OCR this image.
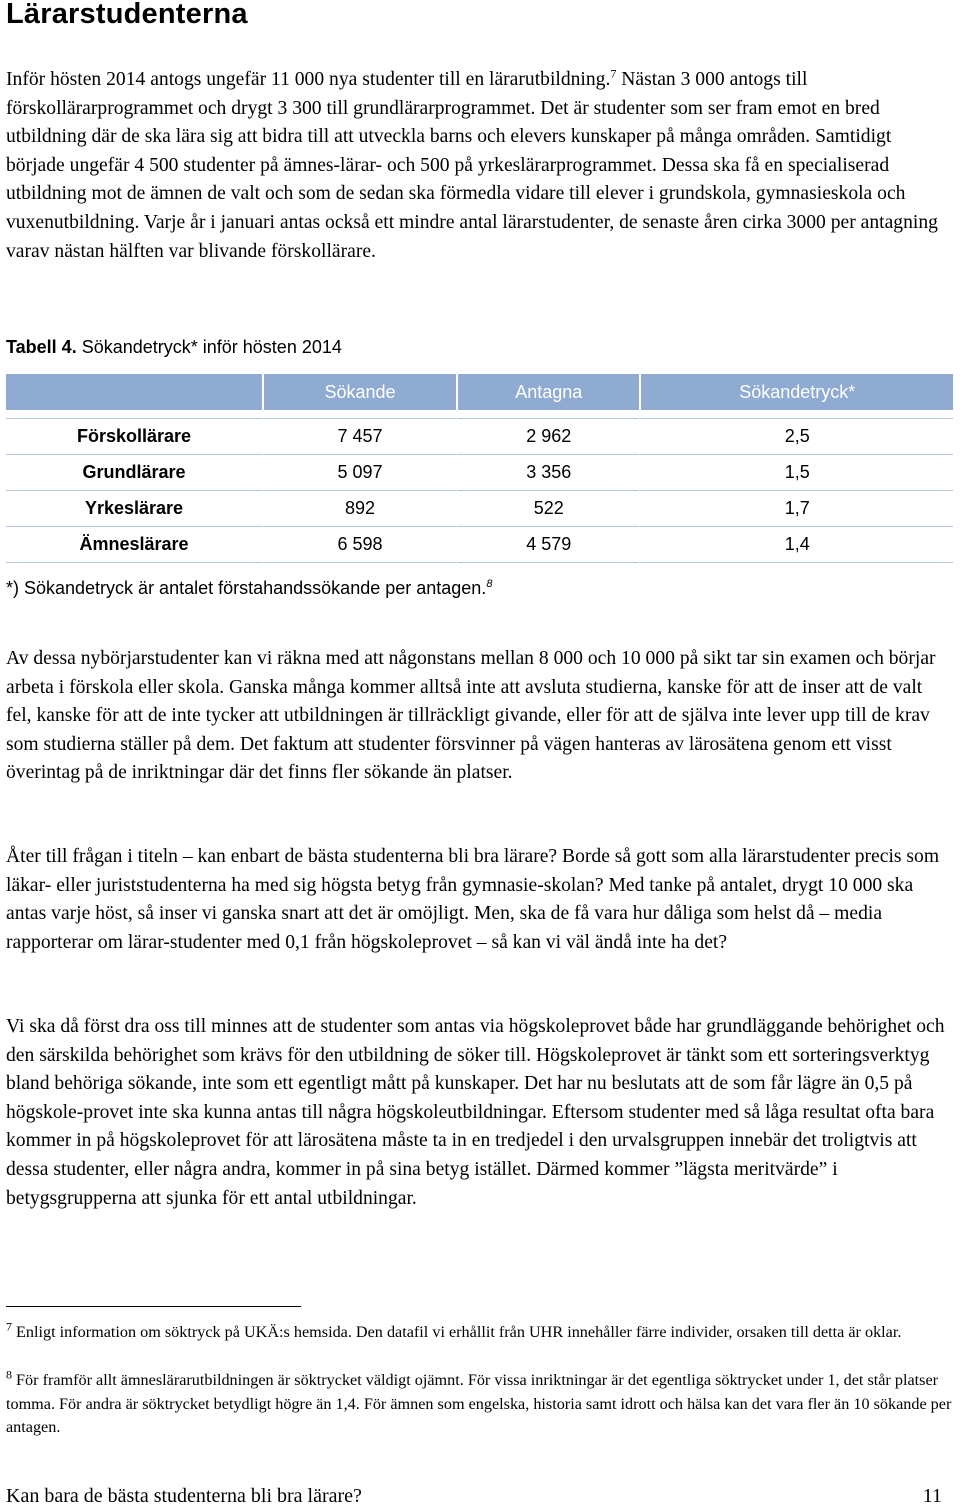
Lärarstudenterna

Inför hösten 2014 antogs ungefär 11 000 nya studenter till en lärarutbildning.$^7$ Nästan 3 000 antogs till förskollärarprogrammet och drygt 3 300 till grundlärarprogrammet. Det är studenter som ser fram emot en bred utbildning där de ska lära sig att bidra till att utveckla barns och elevers kunskaper på många områden. Samtidigt började ungefär 4 500 studenter på ämnes-lärar- och 500 på yrkeslärarprogrammet. Dessa ska få en specialiserad utbildning mot de ämnen de valt och som de sedan ska förmedla vidare till elever i grundskola, gymnasieskola och vuxenutbildning. Varje år i januari antas också ett mindre antal lärarstudenter, de senaste åren cirka 3000 per antagning varav nästan hälften var blivande förskollärare.

Tabell 4. Sökandetryck* inför hösten 2014

	Sökande	Antagna	Sökandetryck*

Förskollärare	7 457	2 962	2,5
Grundlärare	5 097	3 356	1,5
Yrkeslärare	892	522	1,7
Ämneslärare	6 598	4 579	1,4

*) Sökandetryck är antalet förstahandssökande per antagen.$^8$

Av dessa nybörjarstudenter kan vi räkna med att någonstans mellan 8 000 och 10 000 på sikt tar sin examen och börjar arbeta i förskola eller skola. Ganska många kommer alltså inte att avsluta studierna, kanske för att de inser att de valt fel, kanske för att de inte tycker att utbildningen är tillräckligt givande, eller för att de själva inte lever upp till de krav som studierna ställer på dem. Det faktum att studenter försvinner på vägen hanteras av lärosätena genom ett visst överintag på de inriktningar där det finns fler sökande än platser.

Åter till frågan i titeln – kan enbart de bästa studenterna bli bra lärare? Borde så gott som alla lärarstudenter precis som läkar- eller juriststudenterna ha med sig högsta betyg från gymnasie-skolan? Med tanke på antalet, drygt 10 000 ska antas varje höst, så inser vi ganska snart att det är omöjligt. Men, ska de få vara hur dåliga som helst då – media rapporterar om lärar-studenter med 0,1 från högskoleprovet – så kan vi väl ändå inte ha det?

Vi ska då först dra oss till minnes att de studenter som antas via högskoleprovet både har grundläggande behörighet och den särskilda behörighet som krävs för den utbildning de söker till. Högskoleprovet är tänkt som ett sorteringsverktyg bland behöriga sökande, inte som ett egentligt mått på kunskaper. Det har nu beslutats att de som får lägre än 0,5 på högskole-provet inte ska kunna antas till några högskoleutbildningar. Eftersom studenter med så låga resultat ofta bara kommer in på högskoleprovet för att lärosätena måste ta in en tredjedel i den urvalsgruppen innebär det troligtvis att dessa studenter, eller några andra, kommer in på sina betyg istället. Därmed kommer ”lägsta meritvärde” i betygsgrupperna att sjunka för ett antal utbildningar.

$^7$ Enligt information om söktryck på UKÄ:s hemsida. Den datafil vi erhållit från UHR innehåller färre individer, orsaken till detta är oklar.

$^8$ För framför allt ämneslärarutbildningen är söktrycket väldigt ojämnt. För vissa inriktningar är det egentliga söktrycket under 1, det står platser tomma. För andra är söktrycket betydligt högre än 1,4. För ämnen som engelska, historia samt idrott och hälsa kan det vara fler än 10 sökande per antagen.

Kan bara de bästa studenterna bli bra lärare?	11
